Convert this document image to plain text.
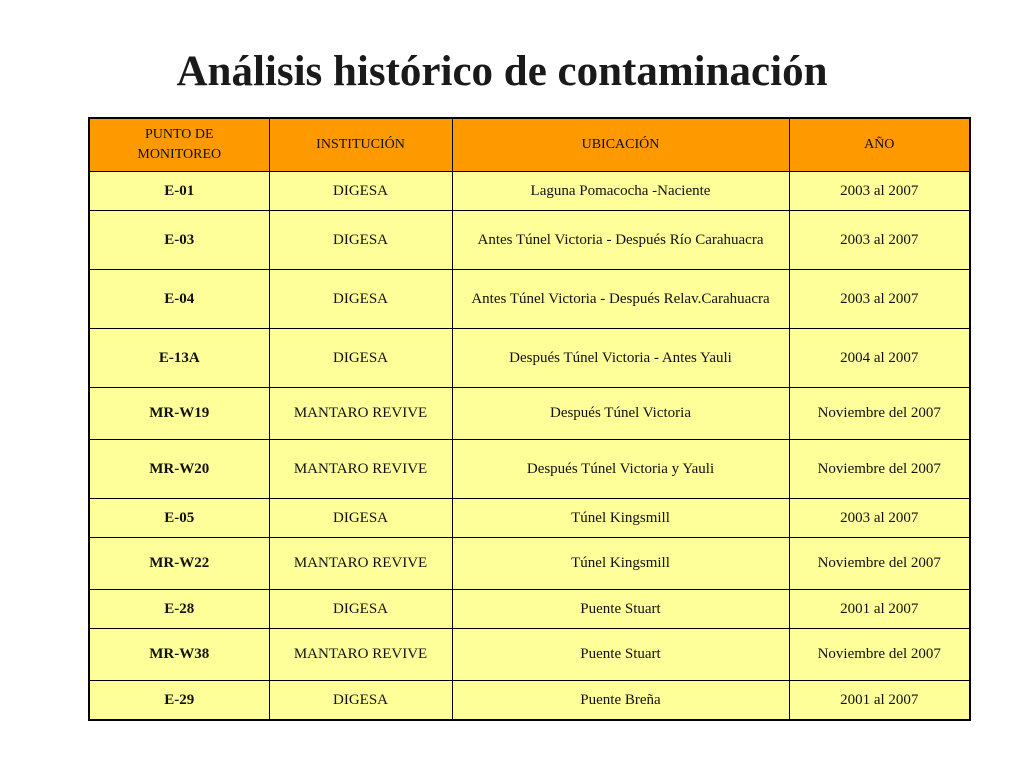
Análisis histórico de contaminación
PUNTO DE MONITOREO	INSTITUCIÓN	UBICACIÓN	AÑO
E-01	DIGESA	Laguna Pomacocha -Naciente	2003 al 2007
E-03	DIGESA	Antes Túnel Victoria - Después Río Carahuacra	2003 al 2007
E-04	DIGESA	Antes Túnel Victoria - Después Relav.Carahuacra	2003 al 2007
E-13A	DIGESA	Después Túnel Victoria - Antes Yauli	2004 al 2007
MR-W19	MANTARO REVIVE	Después Túnel Victoria	Noviembre del 2007
MR-W20	MANTARO REVIVE	Después Túnel Victoria y Yauli	Noviembre del 2007
E-05	DIGESA	Túnel Kingsmill	2003 al 2007
MR-W22	MANTARO REVIVE	Túnel Kingsmill	Noviembre del 2007
E-28	DIGESA	Puente Stuart	2001 al 2007
MR-W38	MANTARO REVIVE	Puente Stuart	Noviembre del 2007
E-29	DIGESA	Puente Breña	2001 al 2007
